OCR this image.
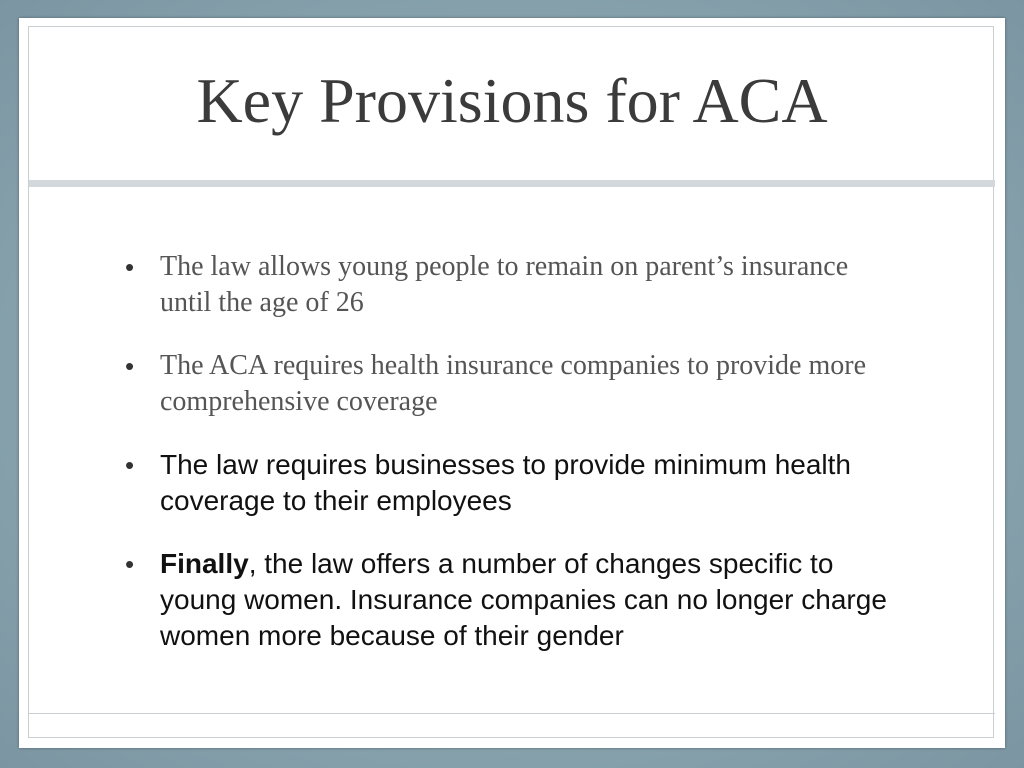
Key Provisions for ACA
• The law allows young people to remain on parent’s insurance until the age of 26
• The ACA requires health insurance companies to provide more comprehensive coverage
• The law requires businesses to provide minimum health coverage to their employees
• Finally, the law offers a number of changes specific to young women. Insurance companies can no longer charge women more because of their gender
